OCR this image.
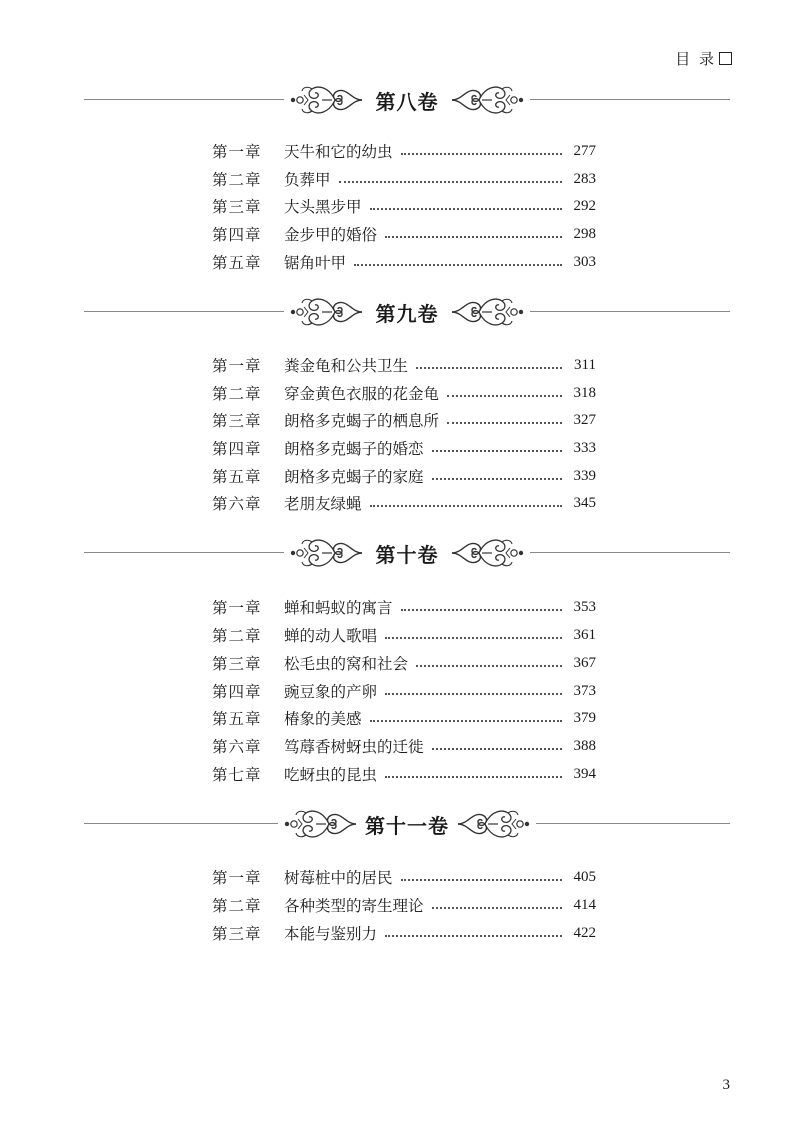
目 录
第八卷
第一章	天牛和它的幼虫	277
第二章	负葬甲	283
第三章	大头黑步甲	292
第四章	金步甲的婚俗	298
第五章	锯角叶甲	303
第九卷
第一章	粪金龟和公共卫生	311
第二章	穿金黄色衣服的花金龟	318
第三章	朗格多克蝎子的栖息所	327
第四章	朗格多克蝎子的婚恋	333
第五章	朗格多克蝎子的家庭	339
第六章	老朋友绿蝇	345
第十卷
第一章	蝉和蚂蚁的寓言	353
第二章	蝉的动人歌唱	361
第三章	松毛虫的窝和社会	367
第四章	豌豆象的产卵	373
第五章	椿象的美感	379
第六章	笃蓐香树蚜虫的迁徙	388
第七章	吃蚜虫的昆虫	394
第十一卷
第一章	树莓桩中的居民	405
第二章	各种类型的寄生理论	414
第三章	本能与鉴别力	422
3
